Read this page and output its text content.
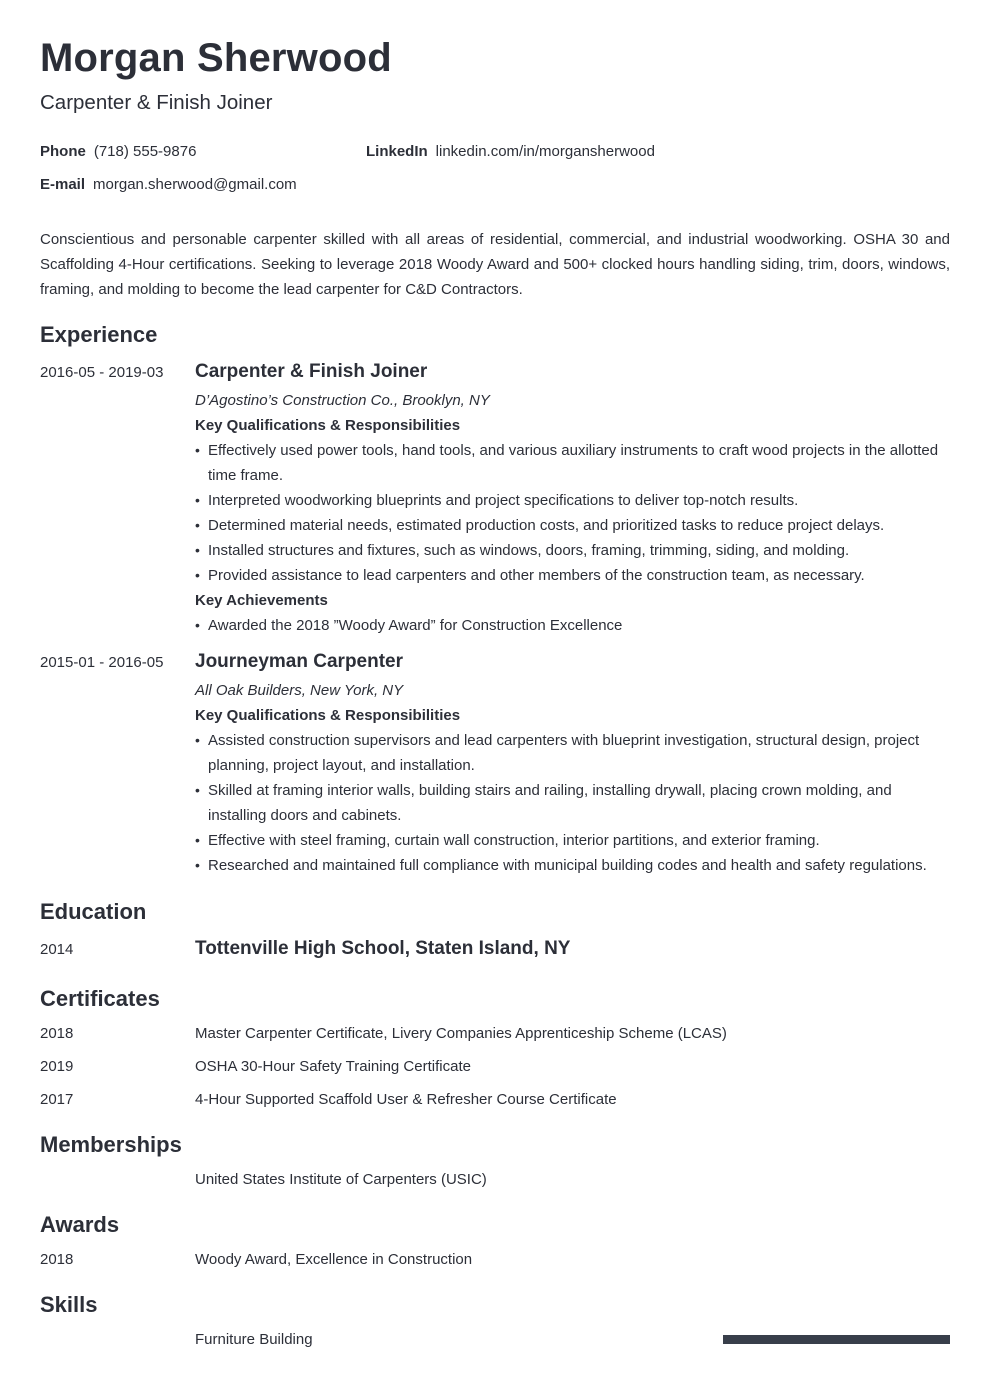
Morgan Sherwood
Carpenter & Finish Joiner
Phone (718) 555-9876	LinkedIn linkedin.com/in/morgansherwood
E-mail morgan.sherwood@gmail.com

Conscientious and personable carpenter skilled with all areas of residential, commercial, and industrial woodworking. OSHA 30 and Scaffolding 4-Hour certifications. Seeking to leverage 2018 Woody Award and 500+ clocked hours handling siding, trim, doors, windows, framing, and molding to become the lead carpenter for C&D Contractors.

Experience
2016-05 - 2019-03 Carpenter & Finish Joiner
D’Agostino’s Construction Co., Brooklyn, NY
Key Qualifications & Responsibilities
• Effectively used power tools, hand tools, and various auxiliary instruments to craft wood projects in the allotted time frame.
• Interpreted woodworking blueprints and project specifications to deliver top-notch results.
• Determined material needs, estimated production costs, and prioritized tasks to reduce project delays.
• Installed structures and fixtures, such as windows, doors, framing, trimming, siding, and molding.
• Provided assistance to lead carpenters and other members of the construction team, as necessary.
Key Achievements
• Awarded the 2018 ”Woody Award” for Construction Excellence
2015-01 - 2016-05 Journeyman Carpenter
All Oak Builders, New York, NY
Key Qualifications & Responsibilities
• Assisted construction supervisors and lead carpenters with blueprint investigation, structural design, project planning, project layout, and installation.
• Skilled at framing interior walls, building stairs and railing, installing drywall, placing crown molding, and installing doors and cabinets.
• Effective with steel framing, curtain wall construction, interior partitions, and exterior framing.
• Researched and maintained full compliance with municipal building codes and health and safety regulations.
Education
2014	Tottenville High School, Staten Island, NY
Certificates
2018	Master Carpenter Certificate, Livery Companies Apprenticeship Scheme (LCAS)
2019	OSHA 30-Hour Safety Training Certificate
2017	4-Hour Supported Scaffold User & Refresher Course Certificate
Memberships
United States Institute of Carpenters (USIC)
Awards
2018	Woody Award, Excellence in Construction
Skills
Furniture Building
